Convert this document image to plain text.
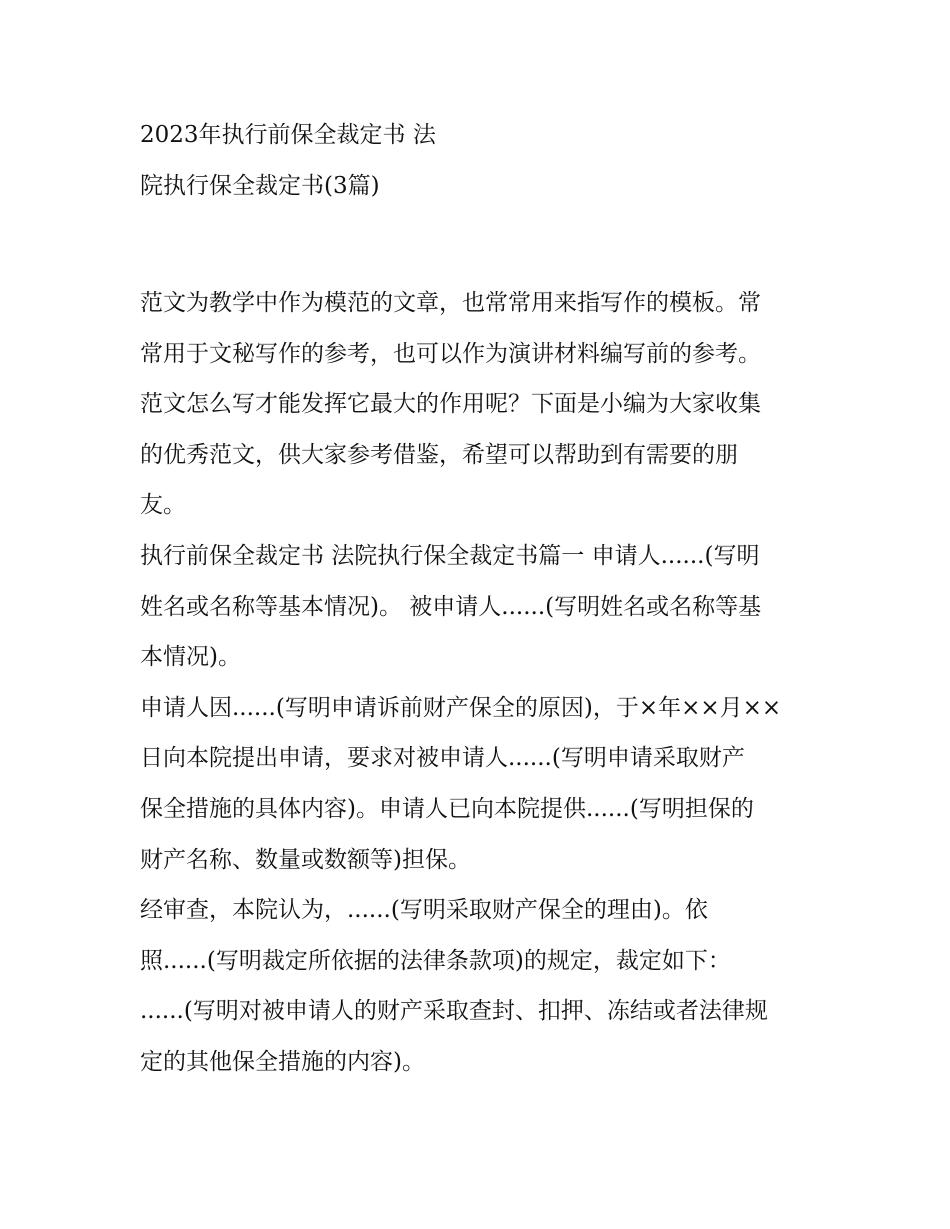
2023年执行前保全裁定书 法
院执行保全裁定书(3篇)
范文为教学中作为模范的文章，也常常用来指写作的模板。常
常用于文秘写作的参考，也可以作为演讲材料编写前的参考。
范文怎么写才能发挥它最大的作用呢？下面是小编为大家收集
的优秀范文，供大家参考借鉴，希望可以帮助到有需要的朋
友。
执行前保全裁定书 法院执行保全裁定书篇一 申请人......(写明
姓名或名称等基本情况)。 被申请人......(写明姓名或名称等基
本情况)。
申请人因......(写明申请诉前财产保全的原因)，于×年××月××
日向本院提出申请，要求对被申请人......(写明申请采取财产
保全措施的具体内容)。申请人已向本院提供......(写明担保的
财产名称、数量或数额等)担保。
经审查，本院认为，......(写明采取财产保全的理由)。依
照......(写明裁定所依据的法律条款项)的规定，裁定如下：
......(写明对被申请人的财产采取查封、扣押、冻结或者法律规
定的其他保全措施的内容)。
